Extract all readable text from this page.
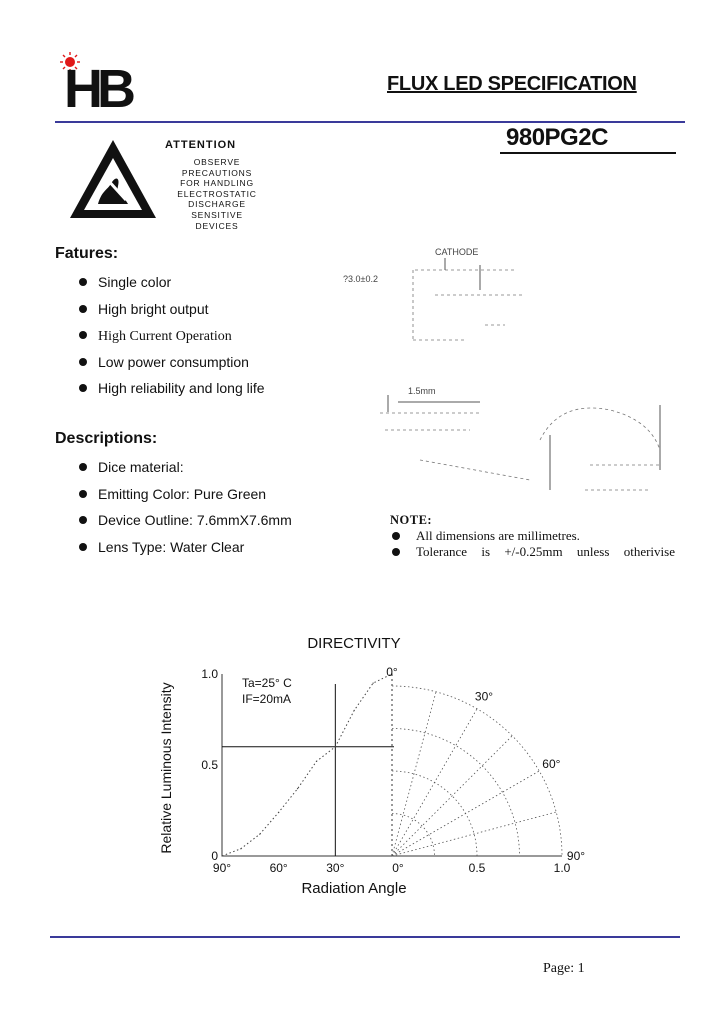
HB	FLUX LED SPECIFICATION
980PG2C
ATTENTION
OBSERVE PRECAUTIONS
FOR HANDLING
ELECTROSTATIC
DISCHARGE
SENSITIVE
DEVICES
Fatures:
Single color
High bright output
High Current Operation
Low power consumption
High reliability and long life
Descriptions:
Dice material:
Emitting Color: Pure Green
Device Outline: 7.6mmX7.6mm
Lens Type: Water Clear
CATHODE
?3.0±0.2
1.5mm
NOTE:
All dimensions are millimetres.
Tolerance is +/-0.25mm unless otherivise
DIRECTIVITY
0
0.5
1.0
90°	60°	30°	0°	0.5	1.0
0°
30°
60°
90°
Ta=25° C
IF=20mA
Radiation Angle
Relative Luminous Intensity
Page: 1
